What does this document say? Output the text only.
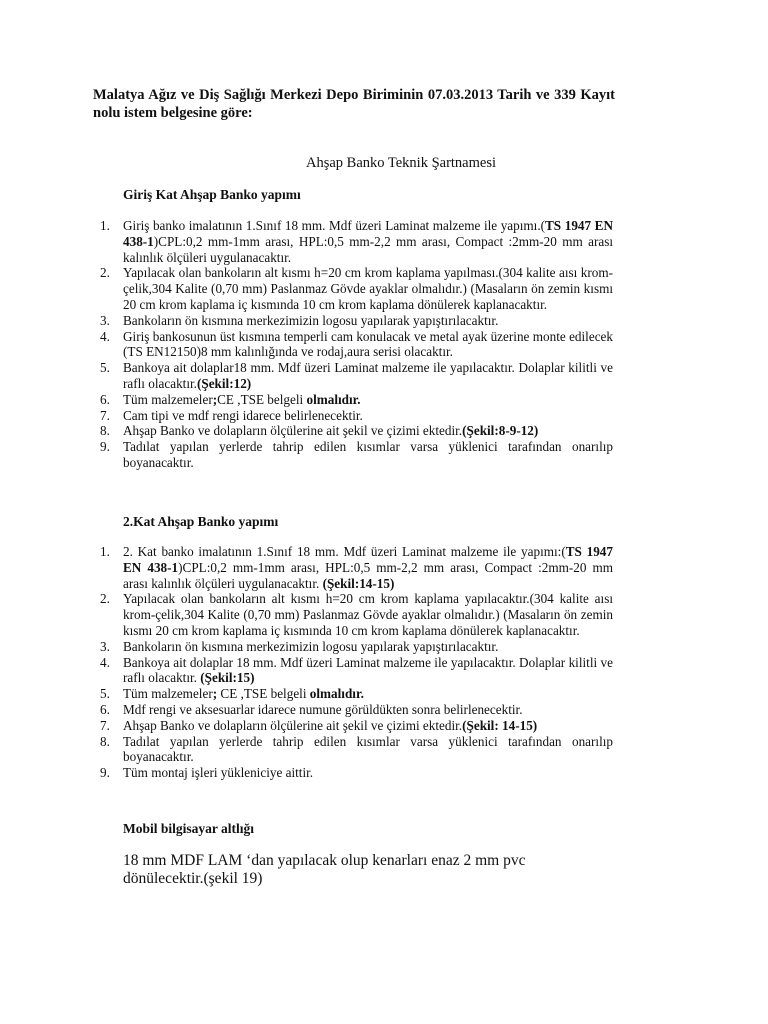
Malatya Ağız ve Diş Sağlığı Merkezi Depo Biriminin 07.03.2013 Tarih ve 339 Kayıt nolu istem belgesine göre:
Ahşap Banko Teknik Şartnamesi
Giriş Kat Ahşap Banko yapımı
1. Giriş banko imalatının 1.Sınıf 18 mm. Mdf üzeri Laminat malzeme ile yapımı.(TS 1947 EN 438-1)CPL:0,2 mm-1mm arası, HPL:0,5 mm-2,2 mm arası, Compact :2mm-20 mm arası kalınlık ölçüleri uygulanacaktır.
2. Yapılacak olan bankoların alt kısmı h=20 cm krom kaplama yapılması.(304 kalite aısı krom-çelik,304 Kalite (0,70 mm) Paslanmaz Gövde ayaklar olmalıdır.) (Masaların ön zemin kısmı 20 cm krom kaplama iç kısmında 10 cm krom kaplama dönülerek kaplanacaktır.
3. Bankoların ön kısmına merkezimizin logosu yapılarak yapıştırılacaktır.
4. Giriş bankosunun üst kısmına temperli cam konulacak ve metal ayak üzerine monte edilecek (TS EN12150)8 mm kalınlığında ve rodaj,aura serisi olacaktır.
5. Bankoya ait dolaplar18 mm. Mdf üzeri Laminat malzeme ile yapılacaktır. Dolaplar kilitli ve raflı olacaktır.(Şekil:12)
6. Tüm malzemeler;CE ,TSE belgeli olmalıdır.
7. Cam tipi ve mdf rengi idarece belirlenecektir.
8. Ahşap Banko ve dolapların ölçülerine ait şekil ve çizimi ektedir.(Şekil:8-9-12)
9. Tadılat yapılan yerlerde tahrip edilen kısımlar varsa yüklenici tarafından onarılıp boyanacaktır.
2.Kat Ahşap Banko yapımı
1. 2. Kat banko imalatının 1.Sınıf 18 mm. Mdf üzeri Laminat malzeme ile yapımı:(TS 1947 EN 438-1)CPL:0,2 mm-1mm arası, HPL:0,5 mm-2,2 mm arası, Compact :2mm-20 mm arası kalınlık ölçüleri uygulanacaktır. (Şekil:14-15)
2. Yapılacak olan bankoların alt kısmı h=20 cm krom kaplama yapılacaktır.(304 kalite aısı krom-çelik,304 Kalite (0,70 mm) Paslanmaz Gövde ayaklar olmalıdır.) (Masaların ön zemin kısmı 20 cm krom kaplama iç kısmında 10 cm krom kaplama dönülerek kaplanacaktır.
3. Bankoların ön kısmına merkezimizin logosu yapılarak yapıştırılacaktır.
4. Bankoya ait dolaplar 18 mm. Mdf üzeri Laminat malzeme ile yapılacaktır. Dolaplar kilitli ve raflı olacaktır. (Şekil:15)
5. Tüm malzemeler; CE ,TSE belgeli olmalıdır.
6. Mdf rengi ve aksesuarlar idarece numune görüldükten sonra belirlenecektir.
7. Ahşap Banko ve dolapların ölçülerine ait şekil ve çizimi ektedir.(Şekil: 14-15)
8. Tadılat yapılan yerlerde tahrip edilen kısımlar varsa yüklenici tarafından onarılıp boyanacaktır.
9. Tüm montaj işleri yükleniciye aittir.
Mobil bilgisayar altlığı
18 mm MDF LAM ‘dan yapılacak olup kenarları enaz 2 mm pvc dönülecektir.(şekil 19)
